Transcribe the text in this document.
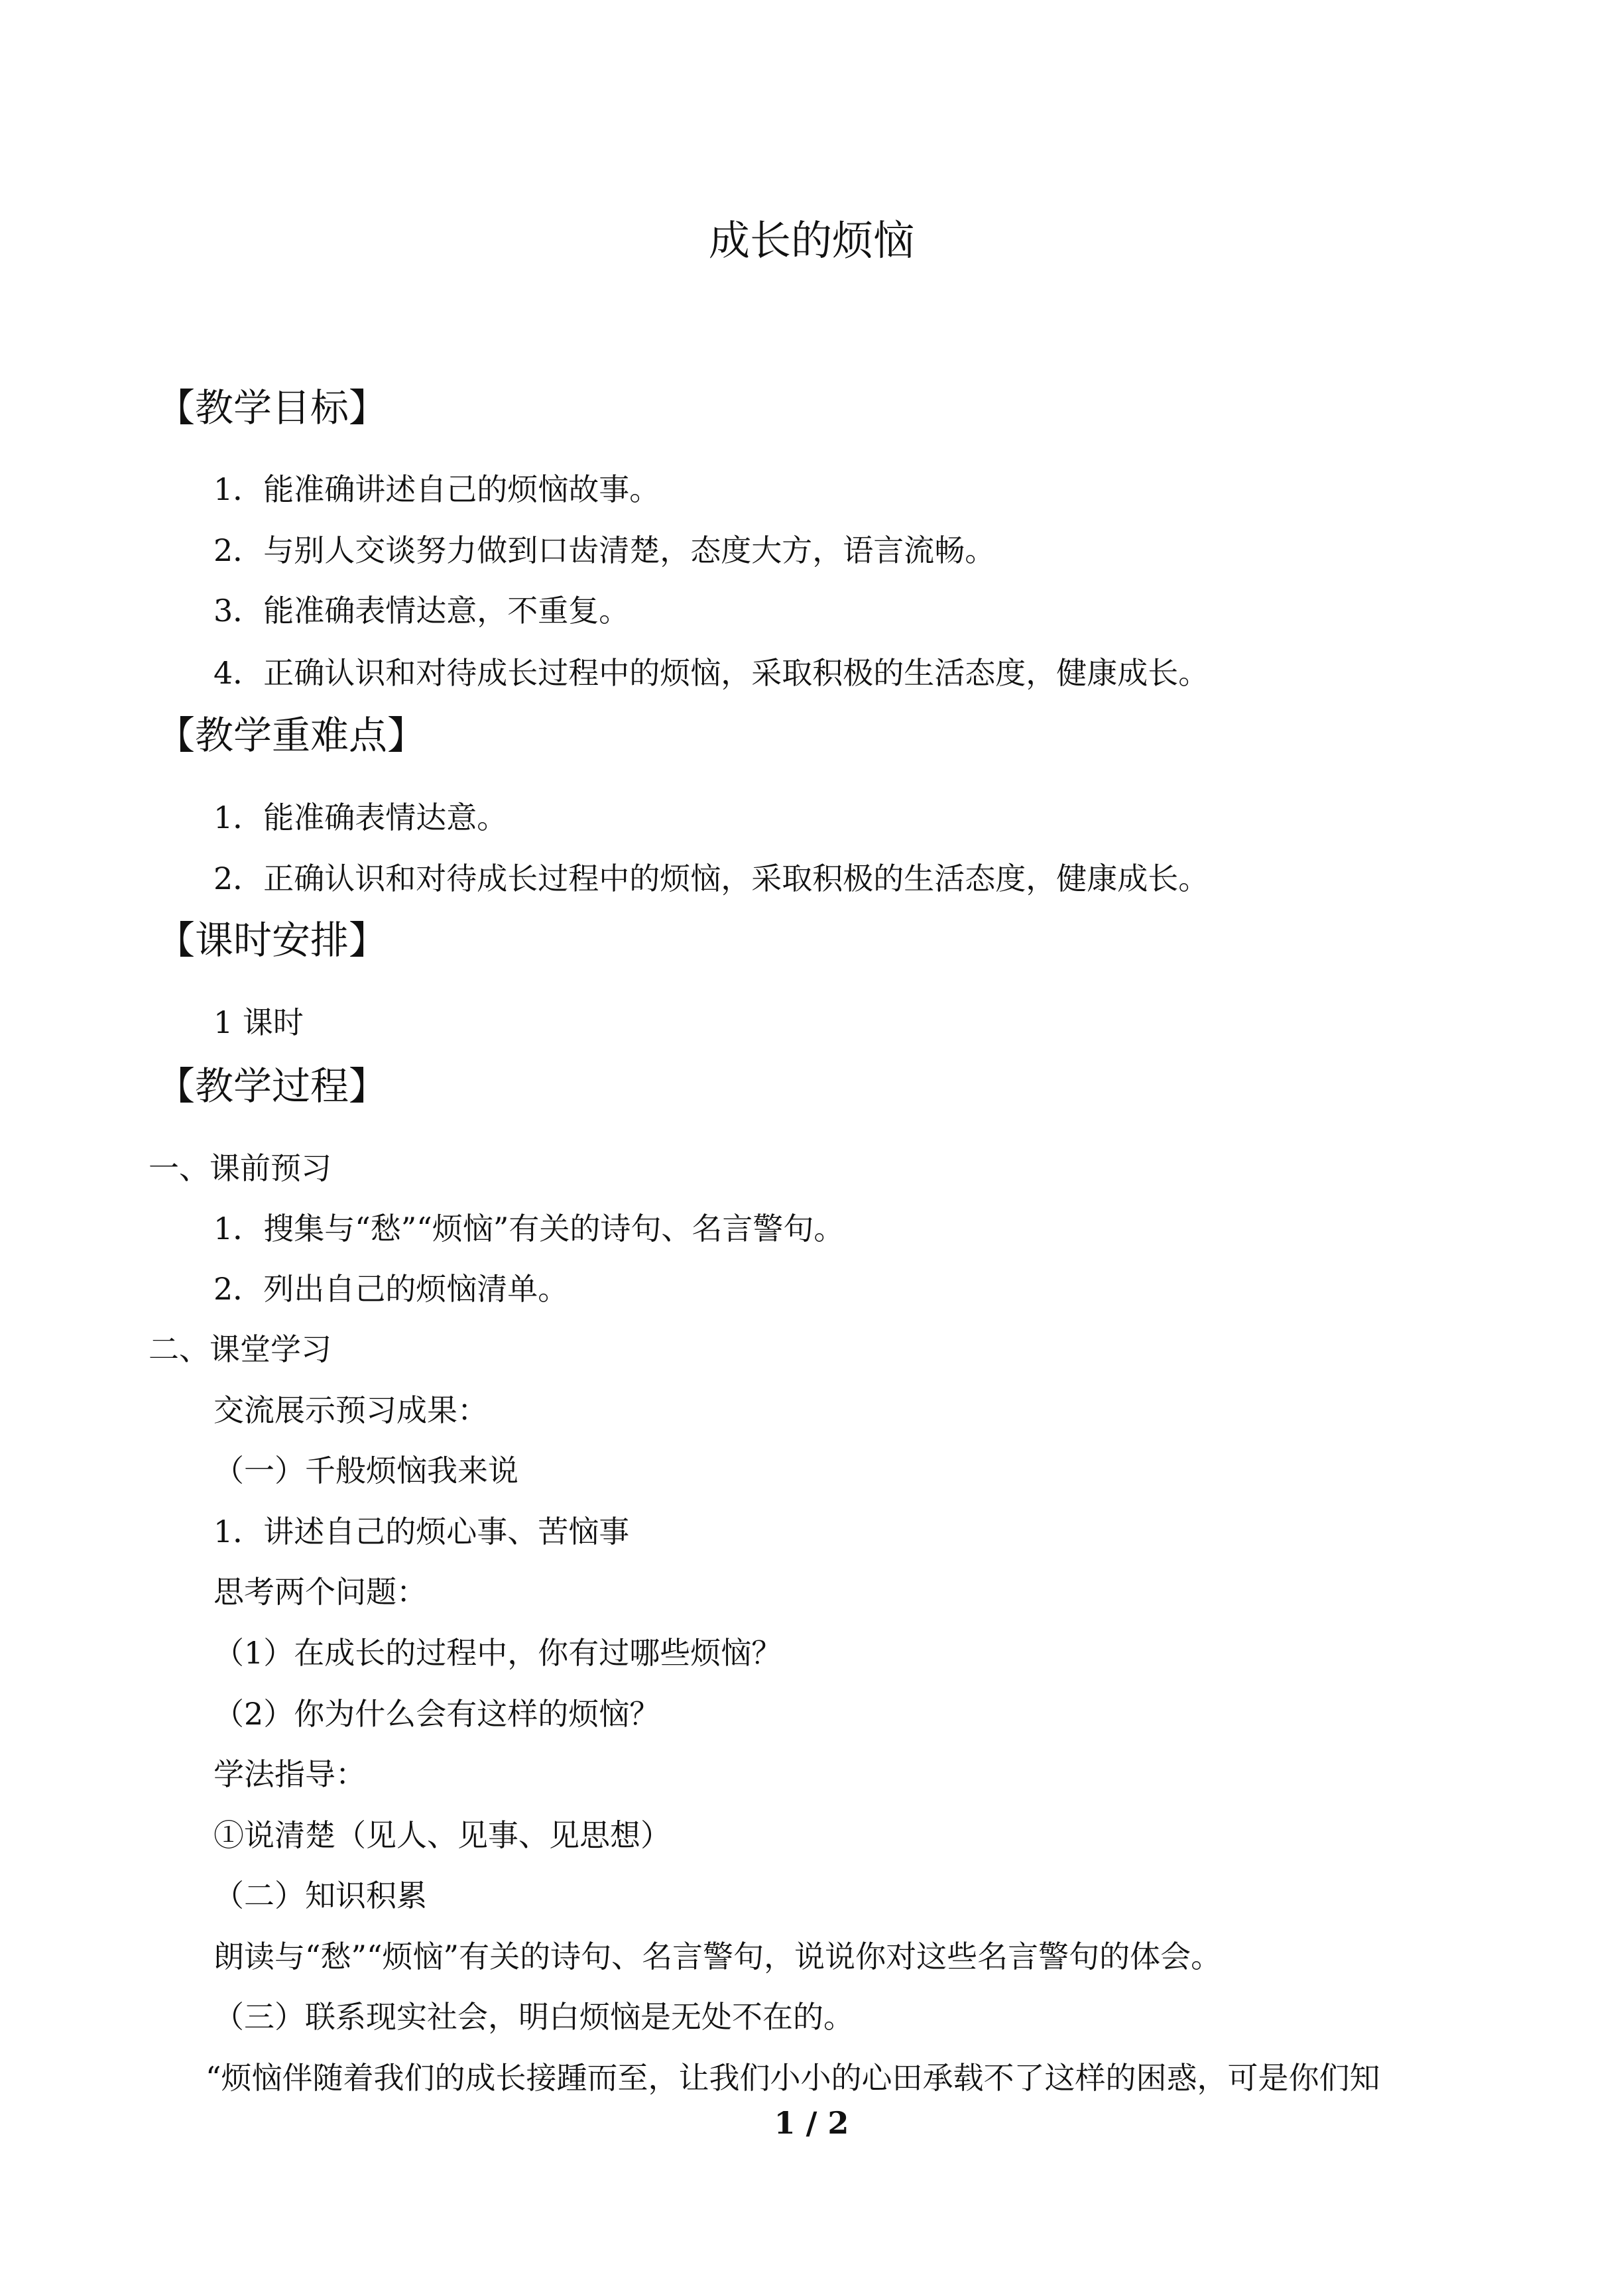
成长的烦恼
【教学目标】
1．能准确讲述自己的烦恼故事。
2．与别人交谈努力做到口齿清楚，态度大方，语言流畅。
3．能准确表情达意，不重复。
4．正确认识和对待成长过程中的烦恼，采取积极的生活态度，健康成长。
【教学重难点】
1．能准确表情达意。
2．正确认识和对待成长过程中的烦恼，采取积极的生活态度，健康成长。
【课时安排】
1 课时
【教学过程】
一、课前预习
1．搜集与“愁”“烦恼”有关的诗句、名言警句。
2．列出自己的烦恼清单。
二、课堂学习
交流展示预习成果：
（一）千般烦恼我来说
1．讲述自己的烦心事、苦恼事
思考两个问题：
（1）在成长的过程中，你有过哪些烦恼？
（2）你为什么会有这样的烦恼？
学法指导：
①说清楚（见人、见事、见思想）
（二）知识积累
朗读与“愁”“烦恼”有关的诗句、名言警句，说说你对这些名言警句的体会。
（三）联系现实社会，明白烦恼是无处不在的。
“烦恼伴随着我们的成长接踵而至，让我们小小的心田承载不了这样的困惑，可是你们知
1 / 2
